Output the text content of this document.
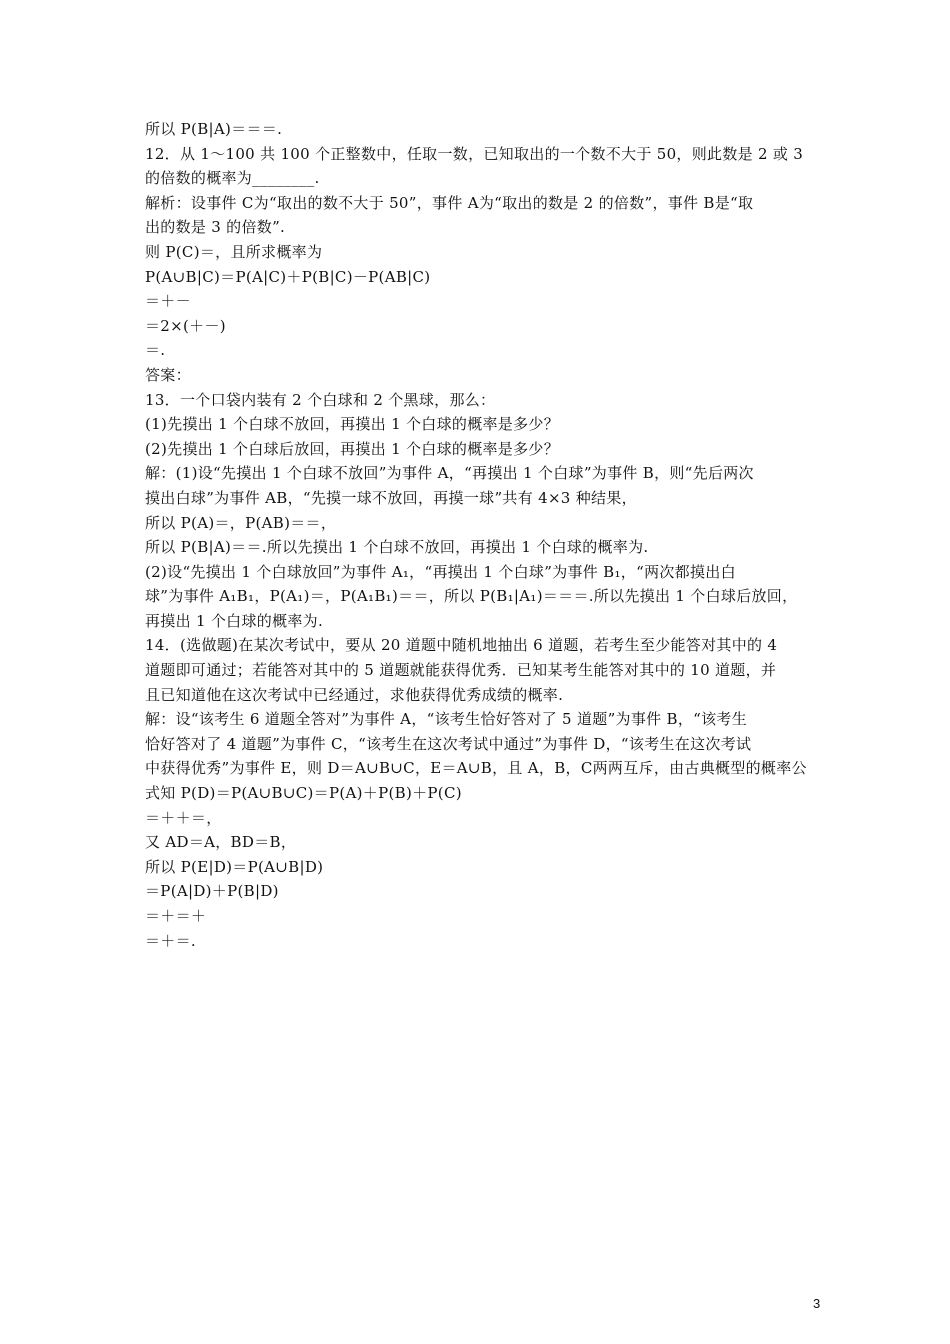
所以 P(B|A)＝＝＝.
12．从 1～100 共 100 个正整数中，任取一数，已知取出的一个数不大于 50，则此数是 2 或 3
的倍数的概率为________.
解析：设事件 C为“取出的数不大于 50”，事件 A为“取出的数是 2 的倍数”，事件 B是“取
出的数是 3 的倍数”.
则 P(C)＝，且所求概率为
P(A∪B|C)＝P(A|C)＋P(B|C)－P(AB|C)
＝＋－
＝2×(＋－)
＝.
答案：
13．一个口袋内装有 2 个白球和 2 个黑球，那么：
(1)先摸出 1 个白球不放回，再摸出 1 个白球的概率是多少？
(2)先摸出 1 个白球后放回，再摸出 1 个白球的概率是多少？
解：(1)设“先摸出 1 个白球不放回”为事件 A，“再摸出 1 个白球”为事件 B，则“先后两次
摸出白球”为事件 AB，“先摸一球不放回，再摸一球”共有 4×3 种结果，
所以 P(A)＝，P(AB)＝＝，
所以 P(B|A)＝＝.所以先摸出 1 个白球不放回，再摸出 1 个白球的概率为.
(2)设“先摸出 1 个白球放回”为事件 A₁，“再摸出 1 个白球”为事件 B₁，“两次都摸出白
球”为事件 A₁B₁，P(A₁)＝，P(A₁B₁)＝＝，所以 P(B₁|A₁)＝＝＝.所以先摸出 1 个白球后放回，
再摸出 1 个白球的概率为.
14．(选做题)在某次考试中，要从 20 道题中随机地抽出 6 道题，若考生至少能答对其中的 4
道题即可通过；若能答对其中的 5 道题就能获得优秀．已知某考生能答对其中的 10 道题，并
且已知道他在这次考试中已经通过，求他获得优秀成绩的概率.
解：设“该考生 6 道题全答对”为事件 A，“该考生恰好答对了 5 道题”为事件 B，“该考生
恰好答对了 4 道题”为事件 C，“该考生在这次考试中通过”为事件 D，“该考生在这次考试
中获得优秀”为事件 E，则 D＝A∪B∪C，E＝A∪B，且 A，B，C两两互斥，由古典概型的概率公
式知 P(D)＝P(A∪B∪C)＝P(A)＋P(B)＋P(C)
＝＋＋＝，
又 AD＝A，BD＝B，
所以 P(E|D)＝P(A∪B|D)
＝P(A|D)＋P(B|D)
＝＋＝＋
＝＋＝.
3
